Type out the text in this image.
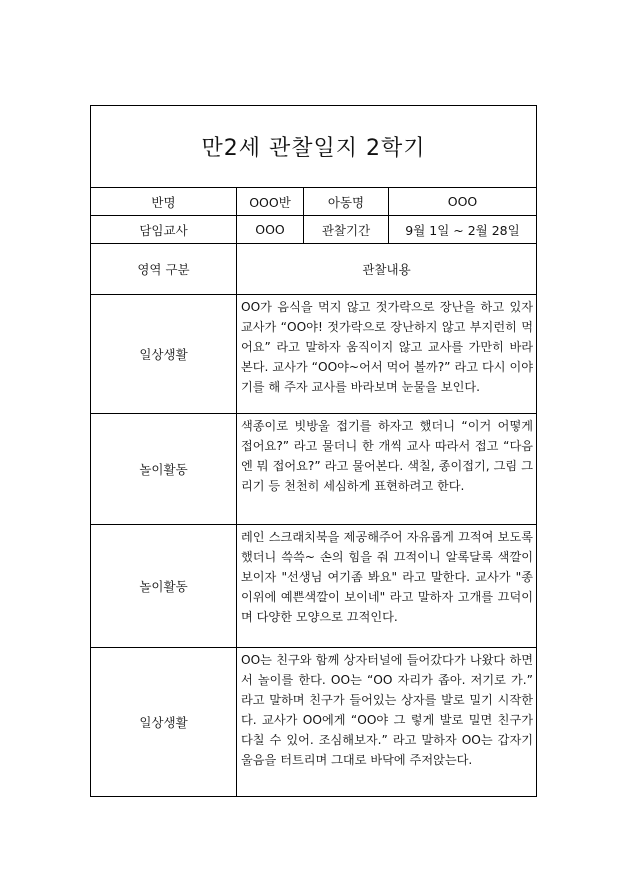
만2세 관찰일지 2학기			
반명	OOO반	아동명	OOO
담임교사	OOO	관찰기간	9월 1일 ~ 2월 28일
영역 구분	관찰내용		
일상생활	OO가 음식을 먹지 않고 젓가락으로 장난을 하고 있자 교사가 “OO야! 젓가락으로 장난하지 않고 부지런히 먹어요” 라고 말하자 움직이지 않고 교사를 가만히 바라본다. 교사가 “OO야~어서 먹어 볼까?” 라고 다시 이야기를 해 주자 교사를 바라보며 눈물을 보인다.		
놀이활동	색종이로 빗방울 접기를 하자고 했더니 “이거 어떻게 접어요?” 라고 물더니 한 개씩 교사 따라서 접고 “다음엔 뭐 접어요?” 라고 물어본다. 색칠, 종이접기, 그림 그리기 등 천천히 세심하게 표현하려고 한다.		
놀이활동	레인 스크래치북을 제공해주어 자유롭게 끄적여 보도록 했더니 쓱쓱~ 손의 힘을 줘 끄적이니 알록달록 색깔이 보이자 "선생님 여기좀 봐요" 라고 말한다. 교사가 "종이위에 예쁜색깔이 보이네" 라고 말하자 고개를 끄덕이며 다양한 모양으로 끄적인다.		
일상생활	OO는 친구와 함께 상자터널에 들어갔다가 나왔다 하면서 놀이를 한다. OO는 “OO 자리가 좁아. 저기로 가.” 라고 말하며 친구가 들어있는 상자를 발로 밀기 시작한다. 교사가 OO에게 “OO야 그 렇게 발로 밀면 친구가 다칠 수 있어. 조심해보자.” 라고 말하자 OO는 갑자기 울음을 터트리며 그대로 바닥에 주저앉는다.		
